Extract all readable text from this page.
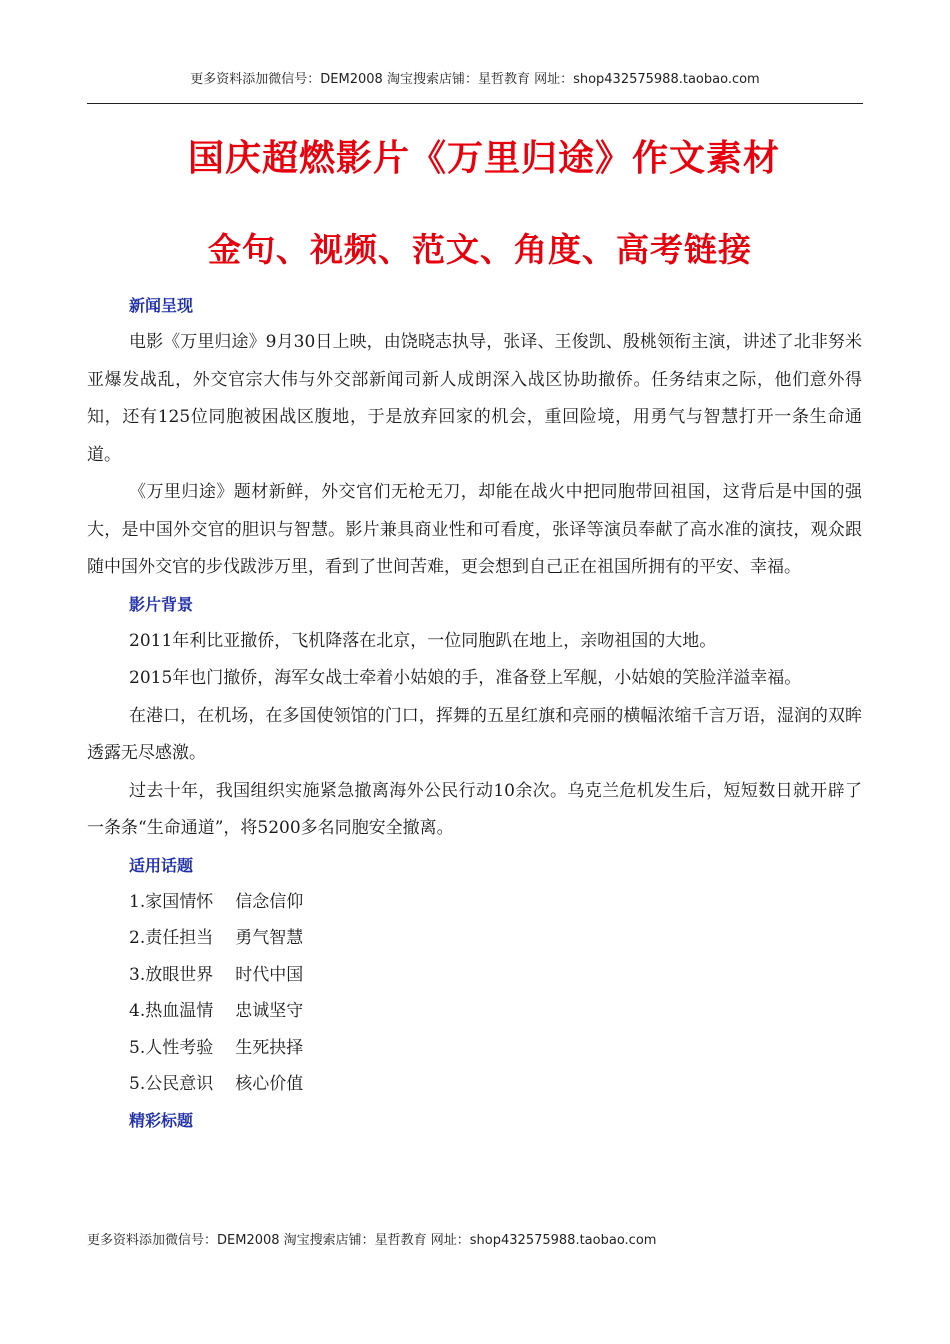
更多资料添加微信号：DEM2008 淘宝搜索店铺：星哲教育 网址：shop432575988.taobao.com
国庆超燃影片《万里归途》作文素材
金句、视频、范文、角度、高考链接
新闻呈现

电影《万里归途》9月30日上映，由饶晓志执导，张译、王俊凯、殷桃领衔主演，讲述了北非努米亚爆发战乱，外交官宗大伟与外交部新闻司新人成朗深入战区协助撤侨。任务结束之际，他们意外得知，还有125位同胞被困战区腹地，于是放弃回家的机会，重回险境，用勇气与智慧打开一条生命通道。

《万里归途》题材新鲜，外交官们无枪无刀，却能在战火中把同胞带回祖国，这背后是中国的强大，是中国外交官的胆识与智慧。影片兼具商业性和可看度，张译等演员奉献了高水准的演技，观众跟随中国外交官的步伐跋涉万里，看到了世间苦难，更会想到自己正在祖国所拥有的平安、幸福。

影片背景

2011年利比亚撤侨，飞机降落在北京，一位同胞趴在地上，亲吻祖国的大地。

2015年也门撤侨，海军女战士牵着小姑娘的手，准备登上军舰，小姑娘的笑脸洋溢幸福。

在港口，在机场，在多国使领馆的门口，挥舞的五星红旗和亮丽的横幅浓缩千言万语，湿润的双眸透露无尽感激。

过去十年，我国组织实施紧急撤离海外公民行动10余次。乌克兰危机发生后，短短数日就开辟了一条条“生命通道”，将5200多名同胞安全撤离。

适用话题
1.家国情怀 信念信仰
2.责任担当 勇气智慧
3.放眼世界 时代中国
4.热血温情 忠诚坚守
5.人性考验 生死抉择
5.公民意识 核心价值
精彩标题
更多资料添加微信号：DEM2008 淘宝搜索店铺：星哲教育 网址：shop432575988.taobao.com
